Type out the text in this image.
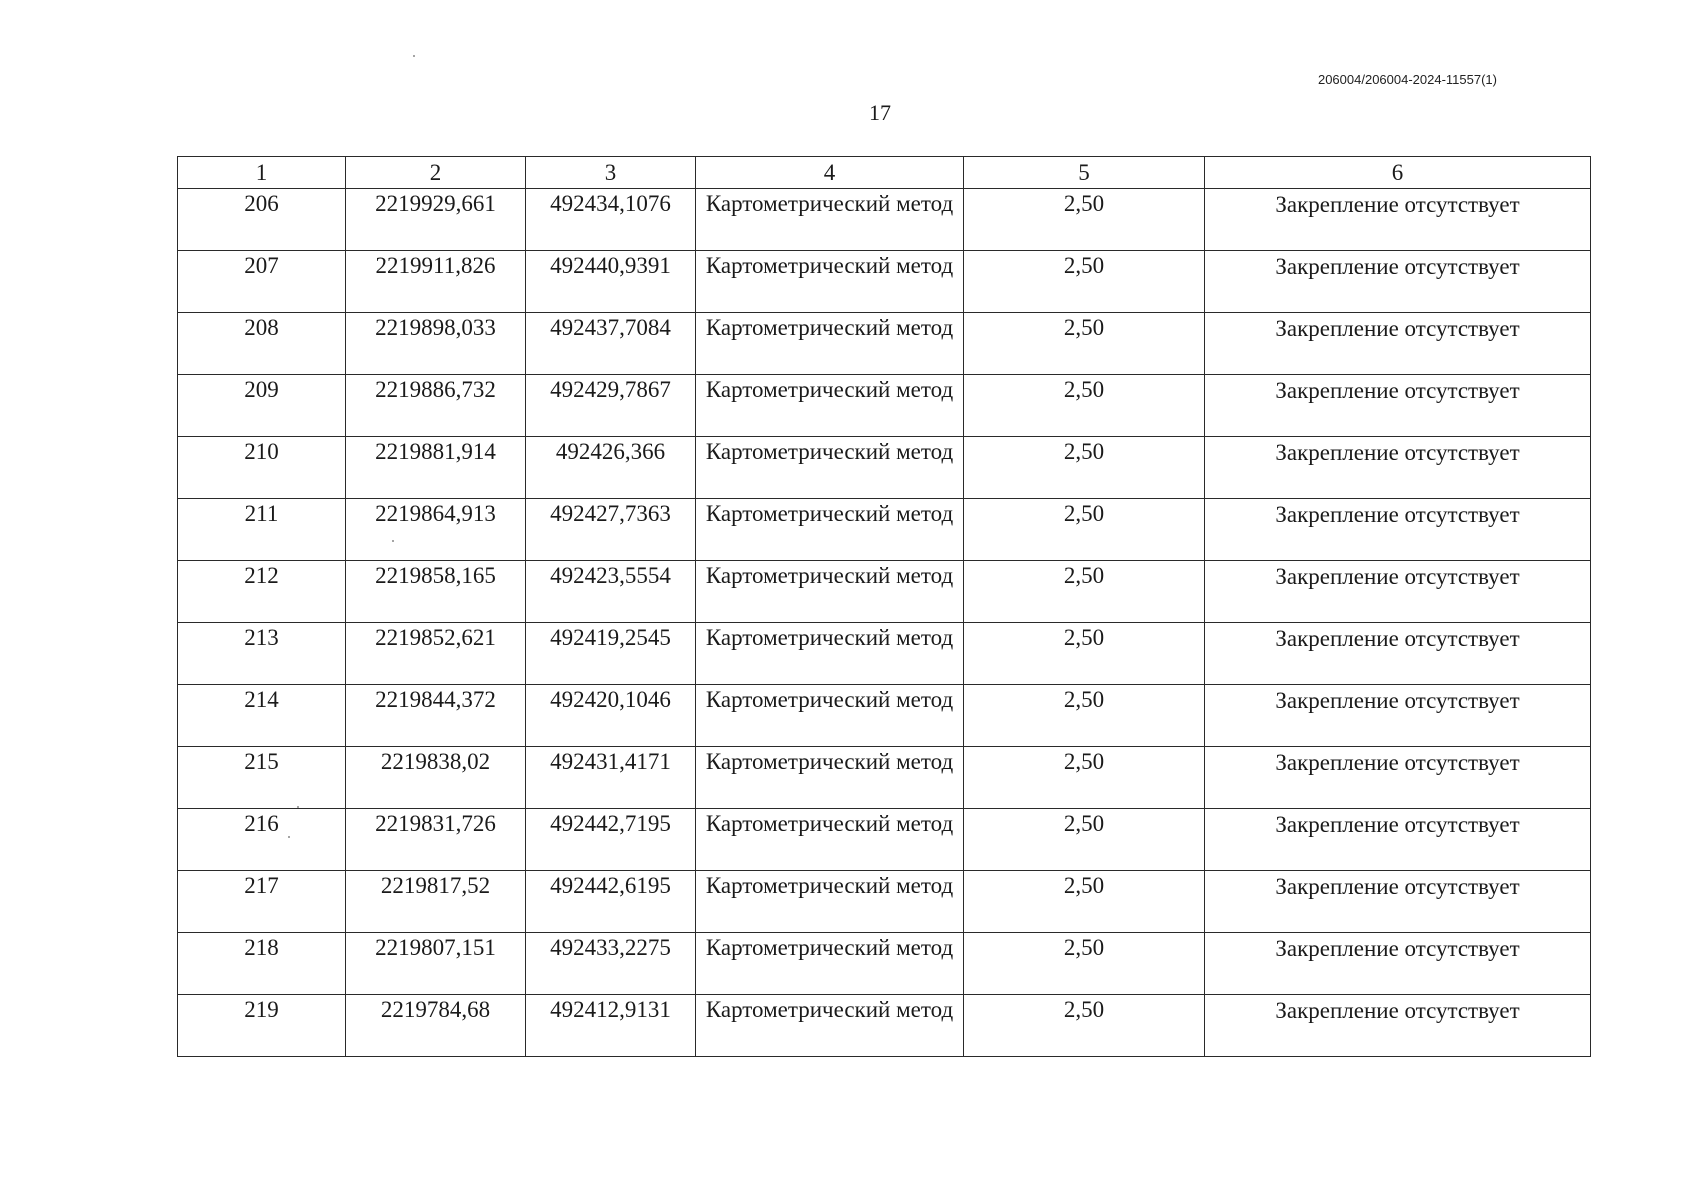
206004/206004-2024-11557(1)
17
1	2	3	4	5	6
206	2219929,661	492434,1076	Картометрический метод	2,50	Закрепление отсутствует
207	2219911,826	492440,9391	Картометрический метод	2,50	Закрепление отсутствует
208	2219898,033	492437,7084	Картометрический метод	2,50	Закрепление отсутствует
209	2219886,732	492429,7867	Картометрический метод	2,50	Закрепление отсутствует
210	2219881,914	492426,366	Картометрический метод	2,50	Закрепление отсутствует
211	2219864,913	492427,7363	Картометрический метод	2,50	Закрепление отсутствует
212	2219858,165	492423,5554	Картометрический метод	2,50	Закрепление отсутствует
213	2219852,621	492419,2545	Картометрический метод	2,50	Закрепление отсутствует
214	2219844,372	492420,1046	Картометрический метод	2,50	Закрепление отсутствует
215	2219838,02	492431,4171	Картометрический метод	2,50	Закрепление отсутствует
216	2219831,726	492442,7195	Картометрический метод	2,50	Закрепление отсутствует
217	2219817,52	492442,6195	Картометрический метод	2,50	Закрепление отсутствует
218	2219807,151	492433,2275	Картометрический метод	2,50	Закрепление отсутствует
219	2219784,68	492412,9131	Картометрический метод	2,50	Закрепление отсутствует
